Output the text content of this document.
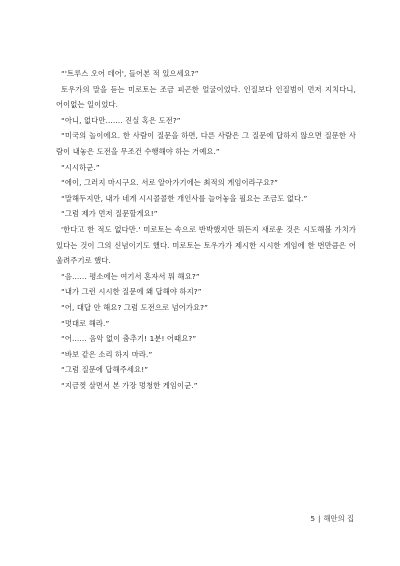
“'트루스 오어 데어', 들어본 적 있으세요?”

토우가의 말을 듣는 미로토는 조금 피곤한 얼굴이었다. 인질보다 인질범이 먼저 지치다니, 어이없는 일이었다.

“아니, 없다만……. 진실 혹은 도전?”

“미국의 놀이에요. 한 사람이 질문을 하면, 다른 사람은 그 질문에 답하지 않으면 질문한 사람이 내놓은 도전을 무조건 수행해야 하는 거예요.”

“시시하군.”

“에이, 그러지 마시구요. 서로 알아가기에는 최적의 게임이라구요?”

“말해두지만, 내가 네게 시시콜콜한 개인사를 늘어놓을 필요는 조금도 없다.”

“그럼 제가 먼저 질문할게요!”

'한다고 한 적도 없다만.' 미로토는 속으로 반박했지만 뭐든지 새로운 것은 시도해볼 가치가 있다는 것이 그의 신념이기도 했다. 미로토는 토우가가 제시한 시시한 게임에 한 번만큼은 어울려주기로 했다.

“음…… 평소에는 여기서 혼자서 뭐 해요?”

“내가 그런 시시한 질문에 왜 답해야 하지?”

“어, 대답 안 해요? 그럼 도전으로 넘어가요?”

“멋대로 해라.”

“어…… 음악 없이 춤추기! 1분! 어때요?”

“바보 같은 소리 하지 마라.”

“그럼 질문에 답해주세요!”

“지금껏 살면서 본 가장 멍청한 게임이군.”

5 | 해안의 집
